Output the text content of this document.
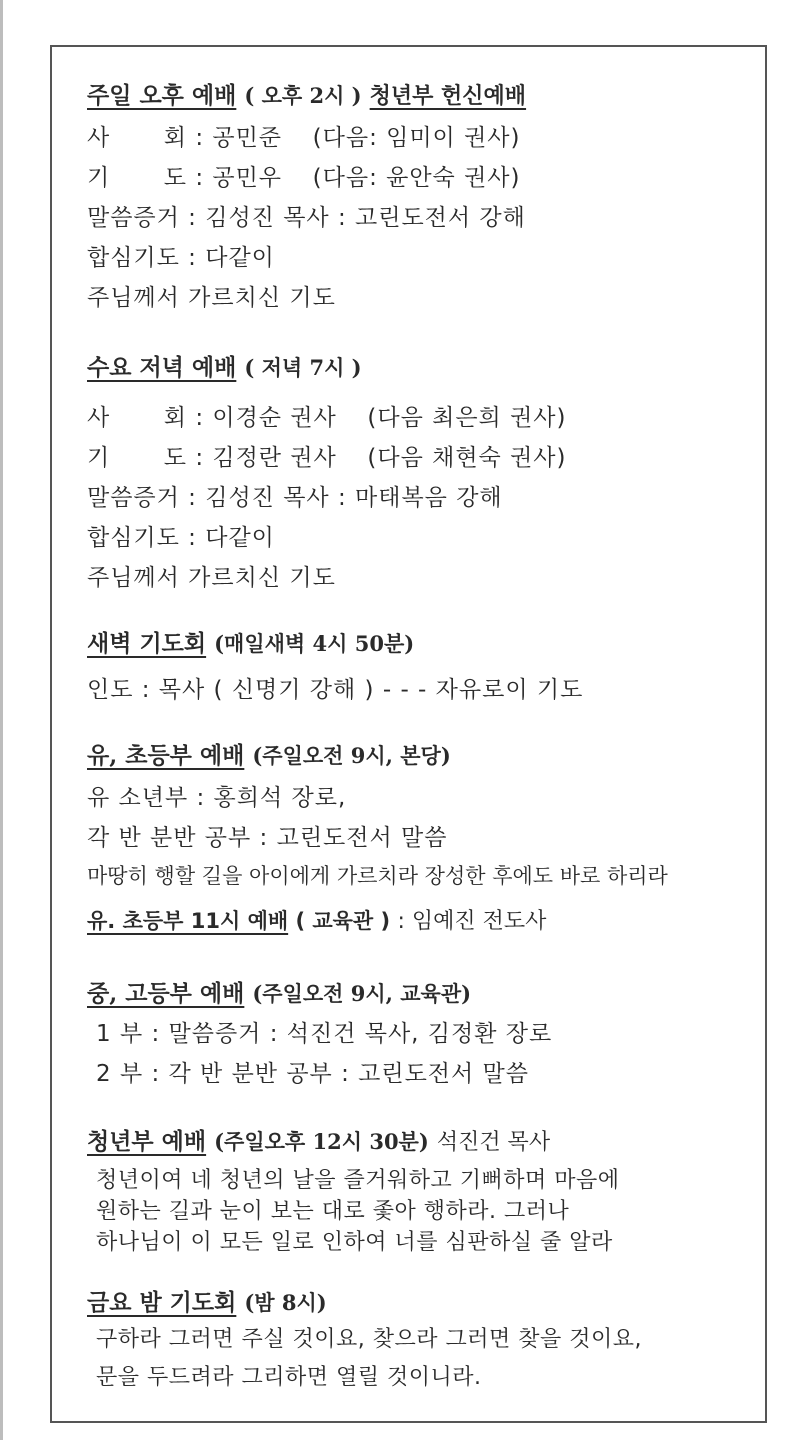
주일 오후 예배 ( 오후 2시 ) 청년부 헌신예배
사 회 : 공민준 (다음: 임미이 권사)
기 도 : 공민우 (다음: 윤안숙 권사)
말씀증거 : 김성진 목사 : 고린도전서 강해
합심기도 : 다같이
주님께서 가르치신 기도
수요 저녁 예배 ( 저녁 7시 )
사 회 : 이경순 권사 (다음 최은희 권사)
기 도 : 김정란 권사 (다음 채현숙 권사)
말씀증거 : 김성진 목사 : 마태복음 강해
합심기도 : 다같이
주님께서 가르치신 기도
새벽 기도회 (매일새벽 4시 50분)
인도 : 목사 ( 신명기 강해 ) - - - 자유로이 기도
유, 초등부 예배 (주일오전 9시, 본당)
유 소년부 : 홍희석 장로,
각 반 분반 공부 : 고린도전서 말씀
마땅히 행할 길을 아이에게 가르치라 장성한 후에도 바로 하리라
유. 초등부 11시 예배 ( 교육관 ) : 임예진 전도사
중, 고등부 예배 (주일오전 9시, 교육관)
1 부 : 말씀증거 : 석진건 목사, 김정환 장로
2 부 : 각 반 분반 공부 : 고린도전서 말씀
청년부 예배 (주일오후 12시 30분) 석진건 목사
청년이여 네 청년의 날을 즐거워하고 기뻐하며 마음에
원하는 길과 눈이 보는 대로 좇아 행하라. 그러나
하나님이 이 모든 일로 인하여 너를 심판하실 줄 알라
금요 밤 기도회 (밤 8시)
구하라 그러면 주실 것이요, 찾으라 그러면 찾을 것이요,
문을 두드려라 그리하면 열릴 것이니라.
